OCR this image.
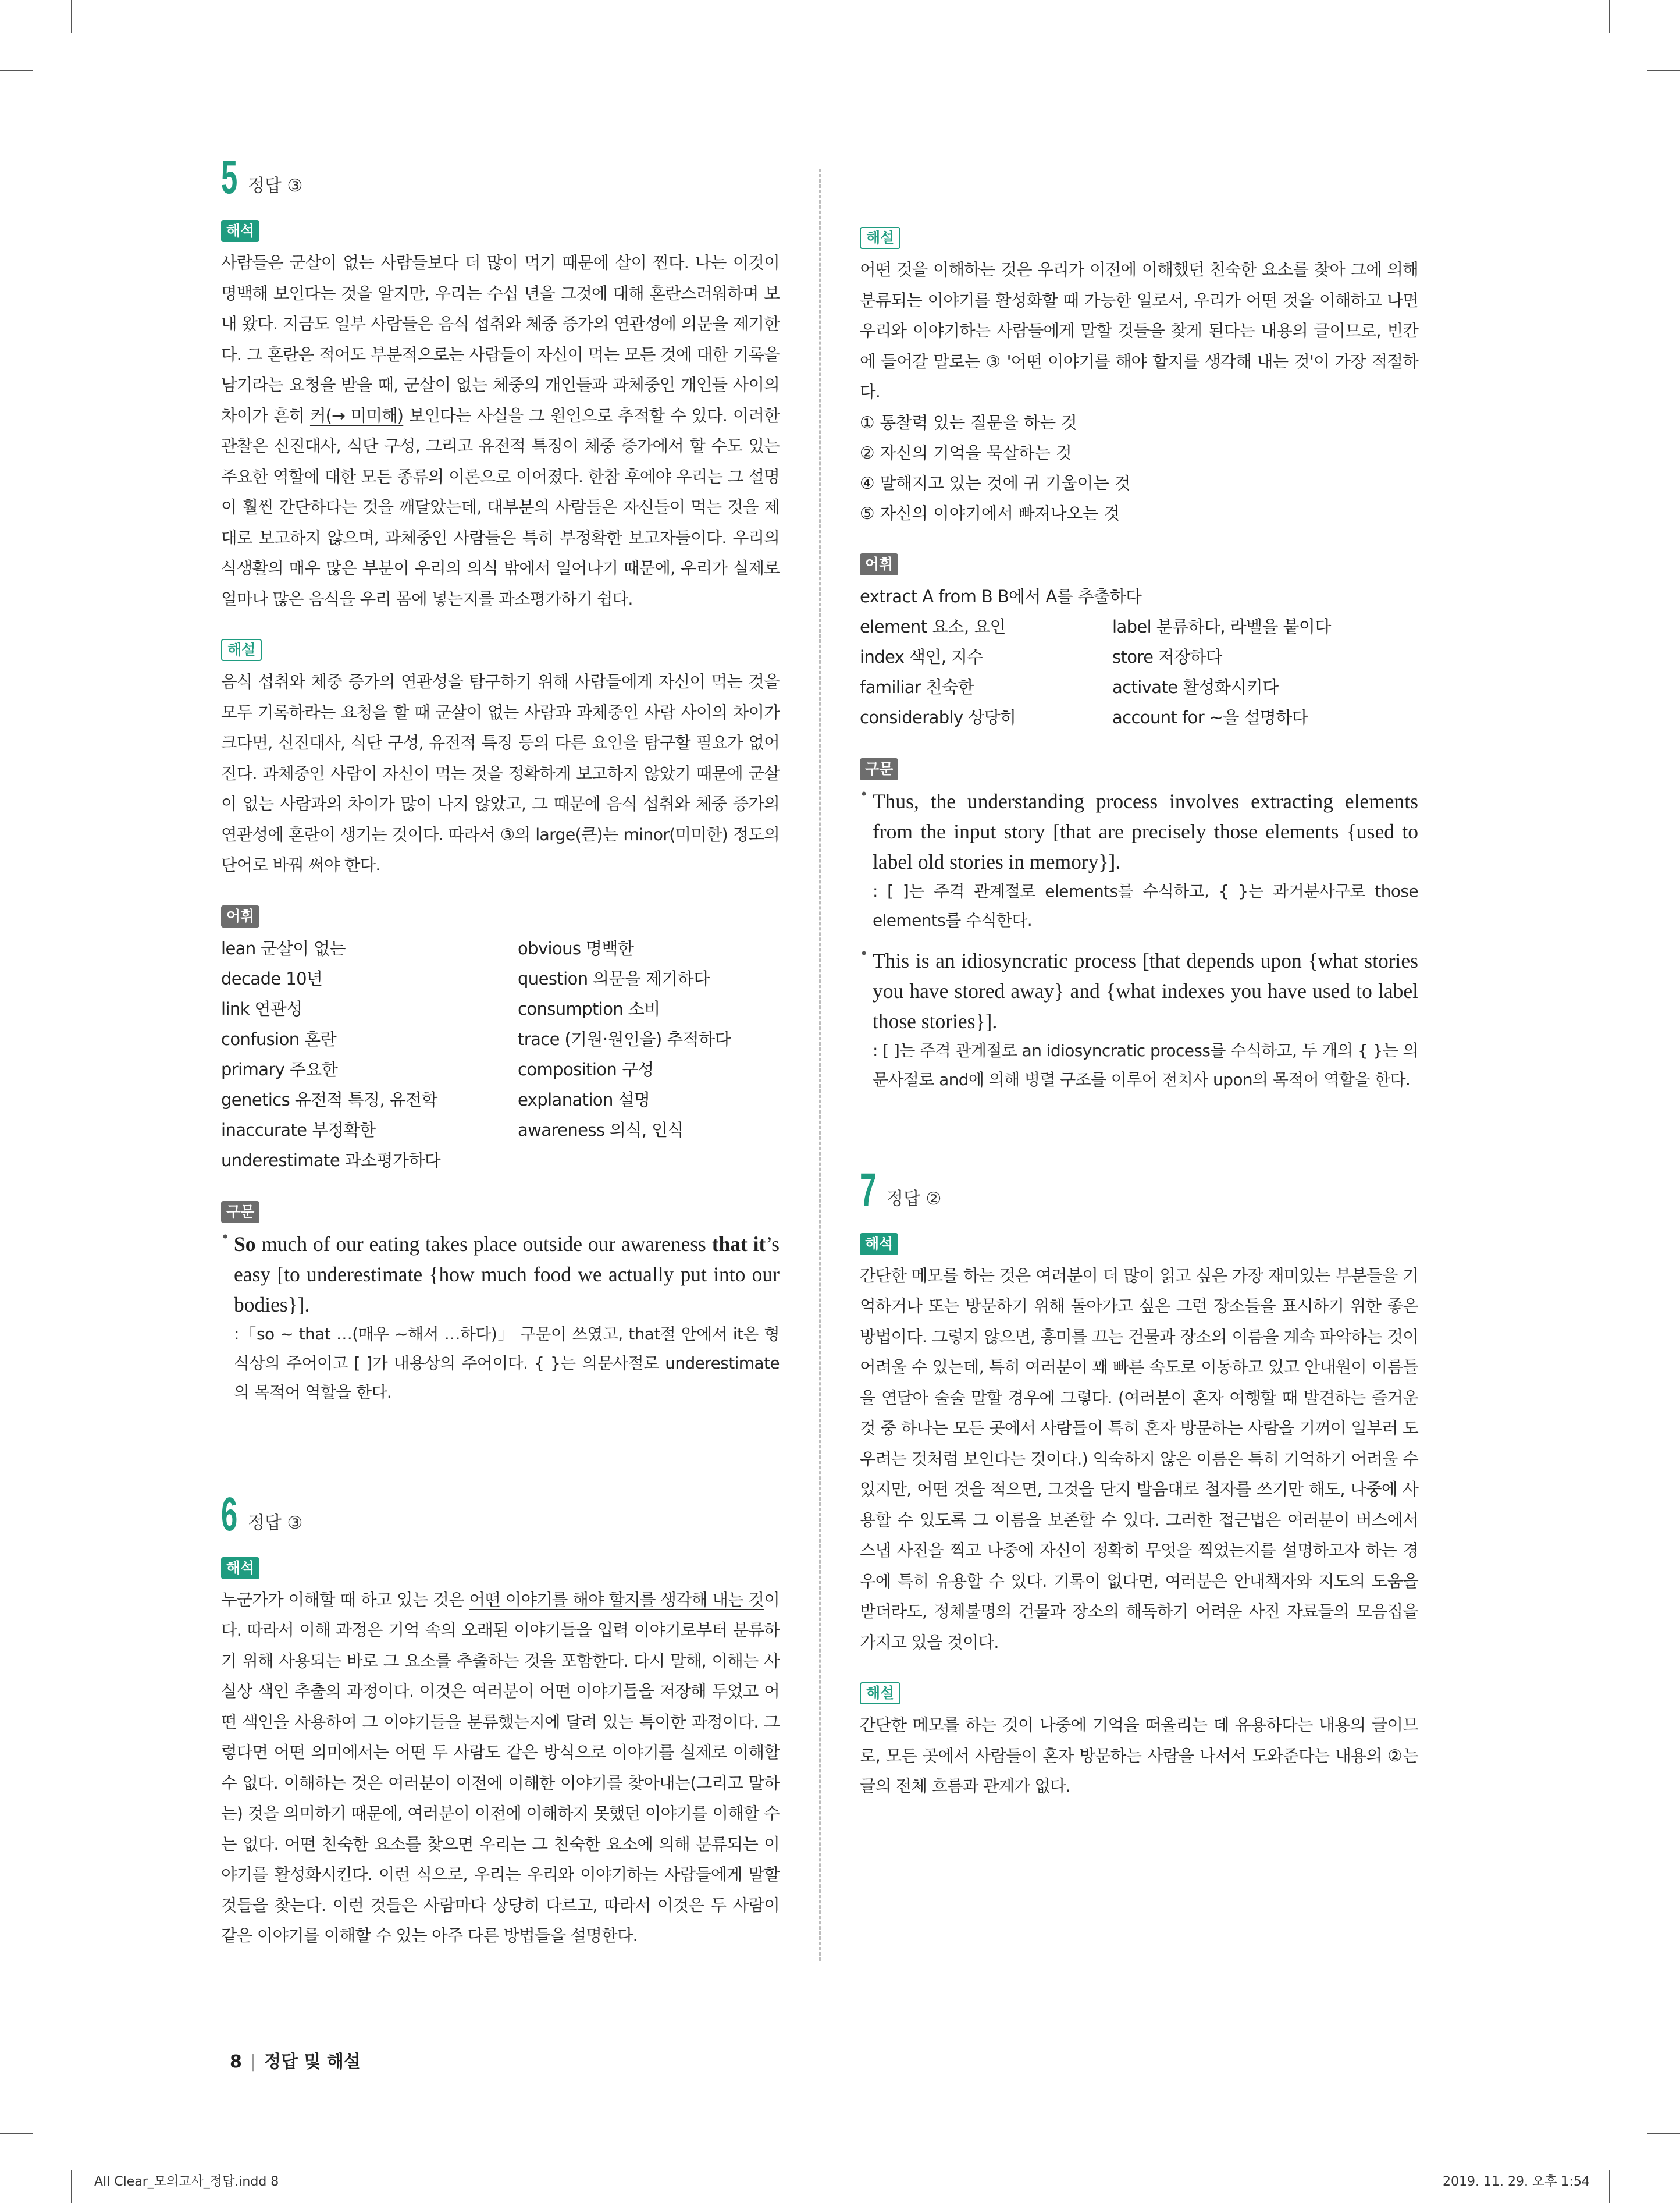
5 정답 ③
해석

사람들은 군살이 없는 사람들보다 더 많이 먹기 때문에 살이 찐다. 나는 이것이 명백해 보인다는 것을 알지만, 우리는 수십 년을 그것에 대해 혼란스러워하며 보내 왔다. 지금도 일부 사람들은 음식 섭취와 체중 증가의 연관성에 의문을 제기한다. 그 혼란은 적어도 부분적으로는 사람들이 자신이 먹는 모든 것에 대한 기록을 남기라는 요청을 받을 때, 군살이 없는 체중의 개인들과 과체중인 개인들 사이의 차이가 흔히 커(→ 미미해) 보인다는 사실을 그 원인으로 추적할 수 있다. 이러한 관찰은 신진대사, 식단 구성, 그리고 유전적 특징이 체중 증가에서 할 수도 있는 주요한 역할에 대한 모든 종류의 이론으로 이어졌다. 한참 후에야 우리는 그 설명이 훨씬 간단하다는 것을 깨달았는데, 대부분의 사람들은 자신들이 먹는 것을 제대로 보고하지 않으며, 과체중인 사람들은 특히 부정확한 보고자들이다. 우리의 식생활의 매우 많은 부분이 우리의 의식 밖에서 일어나기 때문에, 우리가 실제로 얼마나 많은 음식을 우리 몸에 넣는지를 과소평가하기 쉽다.

해설

음식 섭취와 체중 증가의 연관성을 탐구하기 위해 사람들에게 자신이 먹는 것을 모두 기록하라는 요청을 할 때 군살이 없는 사람과 과체중인 사람 사이의 차이가 크다면, 신진대사, 식단 구성, 유전적 특징 등의 다른 요인을 탐구할 필요가 없어진다. 과체중인 사람이 자신이 먹는 것을 정확하게 보고하지 않았기 때문에 군살이 없는 사람과의 차이가 많이 나지 않았고, 그 때문에 음식 섭취와 체중 증가의 연관성에 혼란이 생기는 것이다. 따라서 ③의 large(큰)는 minor(미미한) 정도의 단어로 바꿔 써야 한다.

어휘
lean 군살이 없는	obvious 명백한
decade 10년	question 의문을 제기하다
link 연관성	consumption 소비
confusion 혼란	trace (기원·원인을) 추적하다
primary 주요한	composition 구성
genetics 유전적 특징, 유전학	explanation 설명
inaccurate 부정확한	awareness 의식, 인식
underestimate 과소평가하다
구문
• So much of our eating takes place outside our awareness that it’s easy [to underestimate {how much food we actually put into our bodies}].
:「so ~ that …(매우 ~해서 …하다)」 구문이 쓰였고, that절 안에서 it은 형식상의 주어이고 [ ]가 내용상의 주어이다. { }는 의문사절로 underestimate의 목적어 역할을 한다.
6 정답 ③
해석

누군가가 이해할 때 하고 있는 것은 어떤 이야기를 해야 할지를 생각해 내는 것이다. 따라서 이해 과정은 기억 속의 오래된 이야기들을 입력 이야기로부터 분류하기 위해 사용되는 바로 그 요소를 추출하는 것을 포함한다. 다시 말해, 이해는 사실상 색인 추출의 과정이다. 이것은 여러분이 어떤 이야기들을 저장해 두었고 어떤 색인을 사용하여 그 이야기들을 분류했는지에 달려 있는 특이한 과정이다. 그렇다면 어떤 의미에서는 어떤 두 사람도 같은 방식으로 이야기를 실제로 이해할 수 없다. 이해하는 것은 여러분이 이전에 이해한 이야기를 찾아내는(그리고 말하는) 것을 의미하기 때문에, 여러분이 이전에 이해하지 못했던 이야기를 이해할 수는 없다. 어떤 친숙한 요소를 찾으면 우리는 그 친숙한 요소에 의해 분류되는 이야기를 활성화시킨다. 이런 식으로, 우리는 우리와 이야기하는 사람들에게 말할 것들을 찾는다. 이런 것들은 사람마다 상당히 다르고, 따라서 이것은 두 사람이 같은 이야기를 이해할 수 있는 아주 다른 방법들을 설명한다.

해설

어떤 것을 이해하는 것은 우리가 이전에 이해했던 친숙한 요소를 찾아 그에 의해 분류되는 이야기를 활성화할 때 가능한 일로서, 우리가 어떤 것을 이해하고 나면 우리와 이야기하는 사람들에게 말할 것들을 찾게 된다는 내용의 글이므로, 빈칸에 들어갈 말로는 ③ '어떤 이야기를 해야 할지를 생각해 내는 것'이 가장 적절하다.

① 통찰력 있는 질문을 하는 것
② 자신의 기억을 묵살하는 것
④ 말해지고 있는 것에 귀 기울이는 것
⑤ 자신의 이야기에서 빠져나오는 것
어휘
extract A from B B에서 A를 추출하다
element 요소, 요인	label 분류하다, 라벨을 붙이다
index 색인, 지수	store 저장하다
familiar 친숙한	activate 활성화시키다
considerably 상당히	account for ~을 설명하다
구문
• Thus, the understanding process involves extracting elements from the input story [that are precisely those elements {used to label old stories in memory}].
: [ ]는 주격 관계절로 elements를 수식하고, { }는 과거분사구로 those elements를 수식한다.
• This is an idiosyncratic process [that depends upon {what stories you have stored away} and {what indexes you have used to label those stories}].
: [ ]는 주격 관계절로 an idiosyncratic process를 수식하고, 두 개의 { }는 의문사절로 and에 의해 병렬 구조를 이루어 전치사 upon의 목적어 역할을 한다.
7 정답 ②
해석

간단한 메모를 하는 것은 여러분이 더 많이 읽고 싶은 가장 재미있는 부분들을 기억하거나 또는 방문하기 위해 돌아가고 싶은 그런 장소들을 표시하기 위한 좋은 방법이다. 그렇지 않으면, 흥미를 끄는 건물과 장소의 이름을 계속 파악하는 것이 어려울 수 있는데, 특히 여러분이 꽤 빠른 속도로 이동하고 있고 안내원이 이름들을 연달아 술술 말할 경우에 그렇다. (여러분이 혼자 여행할 때 발견하는 즐거운 것 중 하나는 모든 곳에서 사람들이 특히 혼자 방문하는 사람을 기꺼이 일부러 도우려는 것처럼 보인다는 것이다.) 익숙하지 않은 이름은 특히 기억하기 어려울 수 있지만, 어떤 것을 적으면, 그것을 단지 발음대로 철자를 쓰기만 해도, 나중에 사용할 수 있도록 그 이름을 보존할 수 있다. 그러한 접근법은 여러분이 버스에서 스냅 사진을 찍고 나중에 자신이 정확히 무엇을 찍었는지를 설명하고자 하는 경우에 특히 유용할 수 있다. 기록이 없다면, 여러분은 안내책자와 지도의 도움을 받더라도, 정체불명의 건물과 장소의 해독하기 어려운 사진 자료들의 모음집을 가지고 있을 것이다.

해설

간단한 메모를 하는 것이 나중에 기억을 떠올리는 데 유용하다는 내용의 글이므로, 모든 곳에서 사람들이 혼자 방문하는 사람을 나서서 도와준다는 내용의 ②는 글의 전체 흐름과 관계가 없다.

8 | 정답 및 해설
All Clear_모의고사_정답.indd 8	2019. 11. 29. 오후 1:54
